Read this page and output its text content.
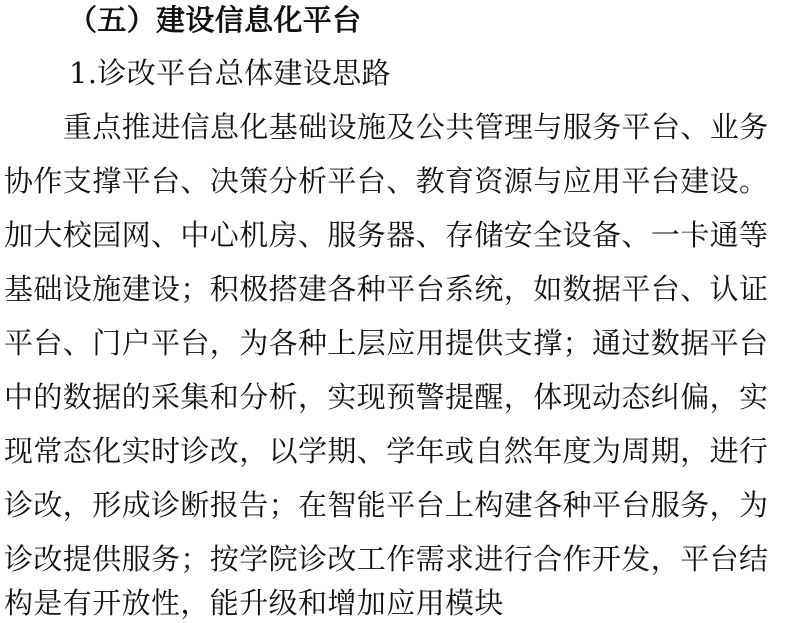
（五）建设信息化平台
1.诊改平台总体建设思路
重点推进信息化基础设施及公共管理与服务平台、业务
协作支撑平台、决策分析平台、教育资源与应用平台建设。
加大校园网、中心机房、服务器、存储安全设备、一卡通等
基础设施建设；积极搭建各种平台系统，如数据平台、认证
平台、门户平台，为各种上层应用提供支撑；通过数据平台
中的数据的采集和分析，实现预警提醒，体现动态纠偏，实
现常态化实时诊改，以学期、学年或自然年度为周期，进行
诊改，形成诊断报告；在智能平台上构建各种平台服务，为
诊改提供服务；按学院诊改工作需求进行合作开发，平台结
构是有开放性，能升级和增加应用模块
